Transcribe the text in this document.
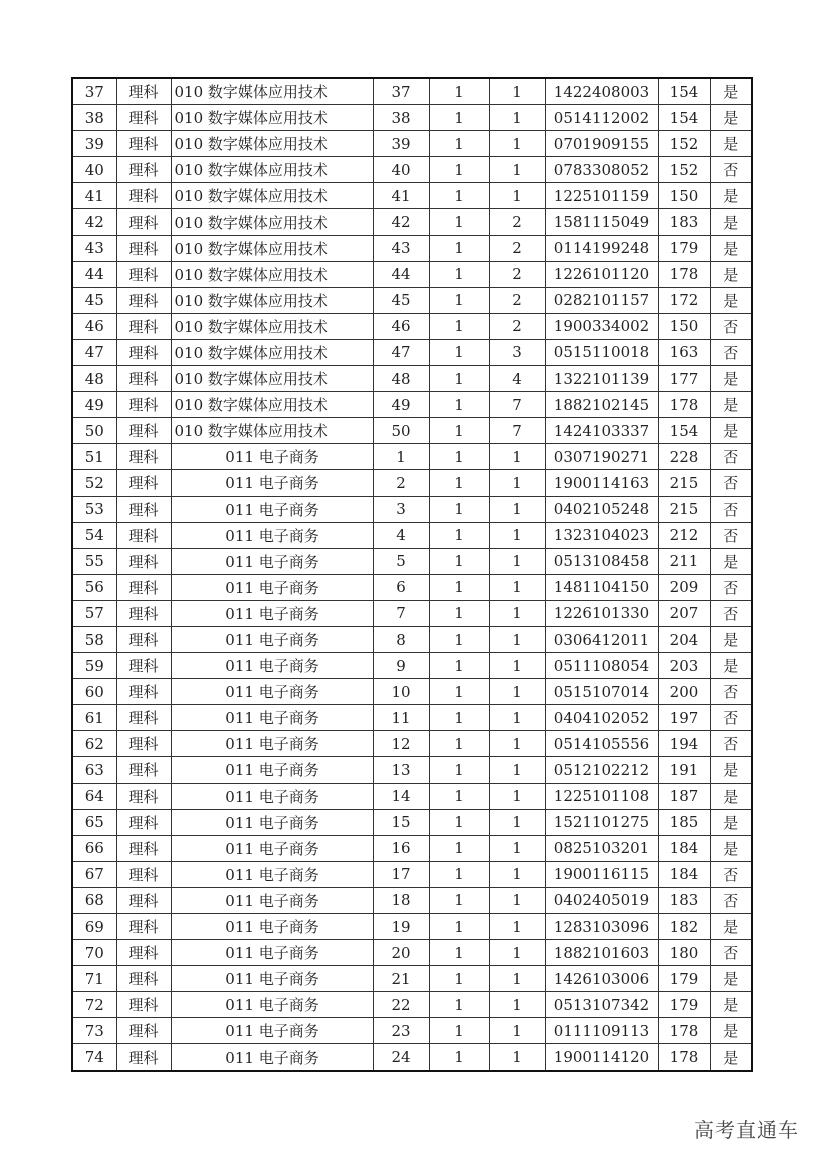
37	理科	010 数字媒体应用技术	37	1	1	1422408003	154	是
38	理科	010 数字媒体应用技术	38	1	1	0514112002	154	是
39	理科	010 数字媒体应用技术	39	1	1	0701909155	152	是
40	理科	010 数字媒体应用技术	40	1	1	0783308052	152	否
41	理科	010 数字媒体应用技术	41	1	1	1225101159	150	是
42	理科	010 数字媒体应用技术	42	1	2	1581115049	183	是
43	理科	010 数字媒体应用技术	43	1	2	0114199248	179	是
44	理科	010 数字媒体应用技术	44	1	2	1226101120	178	是
45	理科	010 数字媒体应用技术	45	1	2	0282101157	172	是
46	理科	010 数字媒体应用技术	46	1	2	1900334002	150	否
47	理科	010 数字媒体应用技术	47	1	3	0515110018	163	否
48	理科	010 数字媒体应用技术	48	1	4	1322101139	177	是
49	理科	010 数字媒体应用技术	49	1	7	1882102145	178	是
50	理科	010 数字媒体应用技术	50	1	7	1424103337	154	是
51	理科	011 电子商务	1	1	1	0307190271	228	否
52	理科	011 电子商务	2	1	1	1900114163	215	否
53	理科	011 电子商务	3	1	1	0402105248	215	否
54	理科	011 电子商务	4	1	1	1323104023	212	否
55	理科	011 电子商务	5	1	1	0513108458	211	是
56	理科	011 电子商务	6	1	1	1481104150	209	否
57	理科	011 电子商务	7	1	1	1226101330	207	否
58	理科	011 电子商务	8	1	1	0306412011	204	是
59	理科	011 电子商务	9	1	1	0511108054	203	是
60	理科	011 电子商务	10	1	1	0515107014	200	否
61	理科	011 电子商务	11	1	1	0404102052	197	否
62	理科	011 电子商务	12	1	1	0514105556	194	否
63	理科	011 电子商务	13	1	1	0512102212	191	是
64	理科	011 电子商务	14	1	1	1225101108	187	是
65	理科	011 电子商务	15	1	1	1521101275	185	是
66	理科	011 电子商务	16	1	1	0825103201	184	是
67	理科	011 电子商务	17	1	1	1900116115	184	否
68	理科	011 电子商务	18	1	1	0402405019	183	否
69	理科	011 电子商务	19	1	1	1283103096	182	是
70	理科	011 电子商务	20	1	1	1882101603	180	否
71	理科	011 电子商务	21	1	1	1426103006	179	是
72	理科	011 电子商务	22	1	1	0513107342	179	是
73	理科	011 电子商务	23	1	1	0111109113	178	是
74	理科	011 电子商务	24	1	1	1900114120	178	是
高考直通车
